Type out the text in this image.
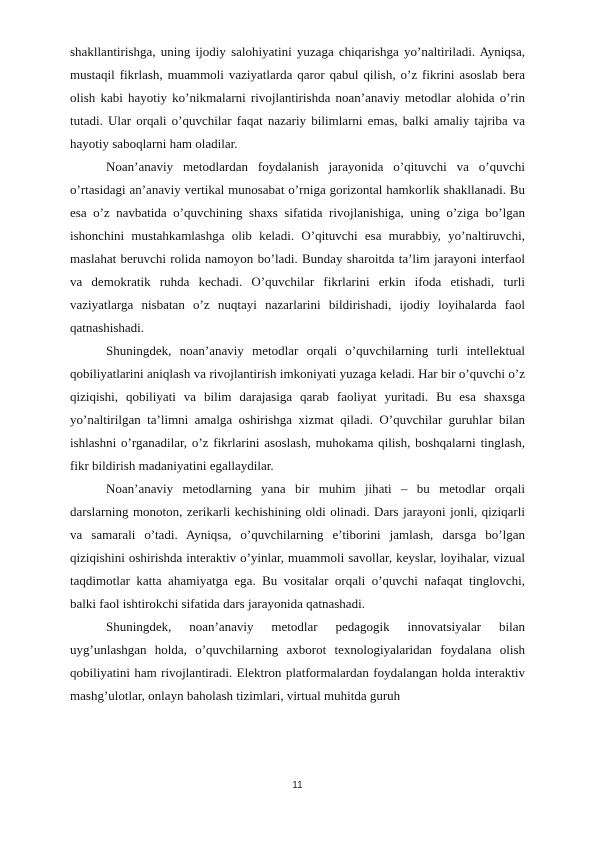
shakllantirishga, uning ijodiy salohiyatini yuzaga chiqarishga yo’naltiriladi. Ayniqsa, mustaqil fikrlash, muammoli vaziyatlarda qaror qabul qilish, o’z fikrini asoslab bera olish kabi hayotiy ko’nikmalarni rivojlantirishda noan’anaviy metodlar alohida o’rin tutadi. Ular orqali o’quvchilar faqat nazariy bilimlarni emas, balki amaliy tajriba va hayotiy saboqlarni ham oladilar.

Noan’anaviy metodlardan foydalanish jarayonida o’qituvchi va o’quvchi o’rtasidagi an’anaviy vertikal munosabat o’rniga gorizontal hamkorlik shakllanadi. Bu esa o’z navbatida o’quvchining shaxs sifatida rivojlanishiga, uning o’ziga bo’lgan ishonchini mustahkamlashga olib keladi. O’qituvchi esa murabbiy, yo’naltiruvchi, maslahat beruvchi rolida namoyon bo’ladi. Bunday sharoitda ta’lim jarayoni interfaol va demokratik ruhda kechadi. O’quvchilar fikrlarini erkin ifoda etishadi, turli vaziyatlarga nisbatan o’z nuqtayi nazarlarini bildirishadi, ijodiy loyihalarda faol qatnashishadi.

Shuningdek, noan’anaviy metodlar orqali o’quvchilarning turli intellektual qobiliyatlarini aniqlash va rivojlantirish imkoniyati yuzaga keladi. Har bir o’quvchi o’z qiziqishi, qobiliyati va bilim darajasiga qarab faoliyat yuritadi. Bu esa shaxsga yo’naltirilgan ta’limni amalga oshirishga xizmat qiladi. O’quvchilar guruhlar bilan ishlashni o’rganadilar, o’z fikrlarini asoslash, muhokama qilish, boshqalarni tinglash, fikr bildirish madaniyatini egallaydilar.

Noan’anaviy metodlarning yana bir muhim jihati – bu metodlar orqali darslarning monoton, zerikarli kechishining oldi olinadi. Dars jarayoni jonli, qiziqarli va samarali o’tadi. Ayniqsa, o’quvchilarning e’tiborini jamlash, darsga bo’lgan qiziqishini oshirishda interaktiv o’yinlar, muammoli savollar, keyslar, loyihalar, vizual taqdimotlar katta ahamiyatga ega. Bu vositalar orqali o’quvchi nafaqat tinglovchi, balki faol ishtirokchi sifatida dars jarayonida qatnashadi.

Shuningdek, noan’anaviy metodlar pedagogik innovatsiyalar bilan uyg’unlashgan holda, o’quvchilarning axborot texnologiyalaridan foydalana olish qobiliyatini ham rivojlantiradi. Elektron platformalardan foydalangan holda interaktiv mashg’ulotlar, onlayn baholash tizimlari, virtual muhitda guruh

11
